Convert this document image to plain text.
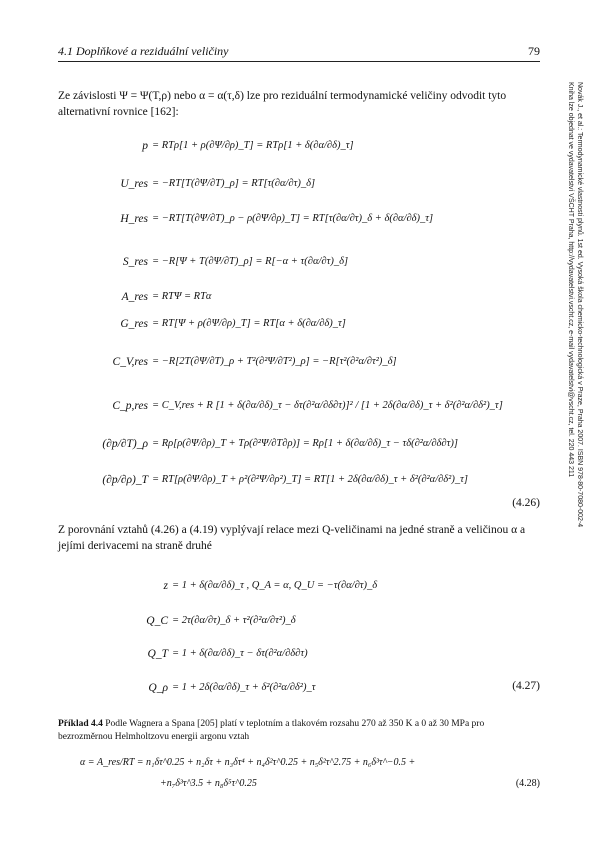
4.1 Doplňkové a reziduální veličiny	79
Novák J., et al.: Termodynamické vlastnosti plynů. 1st ed. Vysoká škola chemicko-technologická v Praze, Praha 2007. ISBN 978-80-7080-002-4
Kniha lze objednat ve vydavatelství VŠCHT Praha, http://vydavatelstvi.vscht.cz, e-mail vydavatelstvi@vscht.cz, tel. 220 443 211
Ze závislosti Ψ = Ψ(T,ρ) nebo α = α(τ,δ) lze pro reziduální termodynamické veličiny odvodit tyto alternativní rovnice [162]:
p = RTρ[1 + ρ(∂Ψ/∂ρ)_T] = RTρ[1 + δ(∂α/∂δ)_τ]
U_res = −RT[T(∂Ψ/∂T)_ρ] = RT[τ(∂α/∂τ)_δ]
H_res = −RT[T(∂Ψ/∂T)_ρ − ρ(∂Ψ/∂ρ)_T] = RT[τ(∂α/∂τ)_δ + δ(∂α/∂δ)_τ]
S_res = −R[Ψ + T(∂Ψ/∂T)_ρ] = R[−α + τ(∂α/∂τ)_δ]
A_res = RTΨ = RTα
G_res = RT[Ψ + ρ(∂Ψ/∂ρ)_T] = RT[α + δ(∂α/∂δ)_τ]
C_V,res = −R[2T(∂Ψ/∂T)_ρ + T²(∂²Ψ/∂T²)_ρ] = −R[τ²(∂²α/∂τ²)_δ]
C_p,res = C_V,res + R [1 + δ(∂α/∂δ)_τ − δτ(∂²α/∂δ∂τ)]² / [1 + 2δ(∂α/∂δ)_τ + δ²(∂²α/∂δ²)_τ]
(∂p/∂T)_ρ = Rρ[ρ(∂Ψ/∂ρ)_T + Tρ(∂²Ψ/∂T∂ρ)] = Rρ[1 + δ(∂α/∂δ)_τ − τδ(∂²α/∂δ∂τ)]
(∂p/∂ρ)_T = RT[ρ(∂Ψ/∂ρ)_T + ρ²(∂²Ψ/∂ρ²)_T] = RT[1 + 2δ(∂α/∂δ)_τ + δ²(∂²α/∂δ²)_τ]
(4.26)
Z porovnání vztahů (4.26) a (4.19) vyplývají relace mezi Q-veličinami na jedné straně a veličinou α a jejími derivacemi na straně druhé
z = 1 + δ(∂α/∂δ)_τ , Q_A = α, Q_U = −τ(∂α/∂τ)_δ
Q_C = 2τ(∂α/∂τ)_δ + τ²(∂²α/∂τ²)_δ
Q_T = 1 + δ(∂α/∂δ)_τ − δτ(∂²α/∂δ∂τ)
Q_ρ = 1 + 2δ(∂α/∂δ)_τ + δ²(∂²α/∂δ²)_τ	(4.27)
Příklad 4.4 Podle Wagnera a Spana [205] platí v teplotním a tlakovém rozsahu 270 až 350 K a 0 až 30 MPa pro bezrozměrnou Helmholtzovu energii argonu vztah
α = A_res/RT = n₁δτ^0.25 + n₂δτ + n₃δτ⁴ + n₄δ²τ^0.25 + n₅δ²τ^2.75 + n₆δ³τ^−0.5 +
+n₇δ³τ^3.5 + n₈δ⁵τ^0.25	(4.28)
